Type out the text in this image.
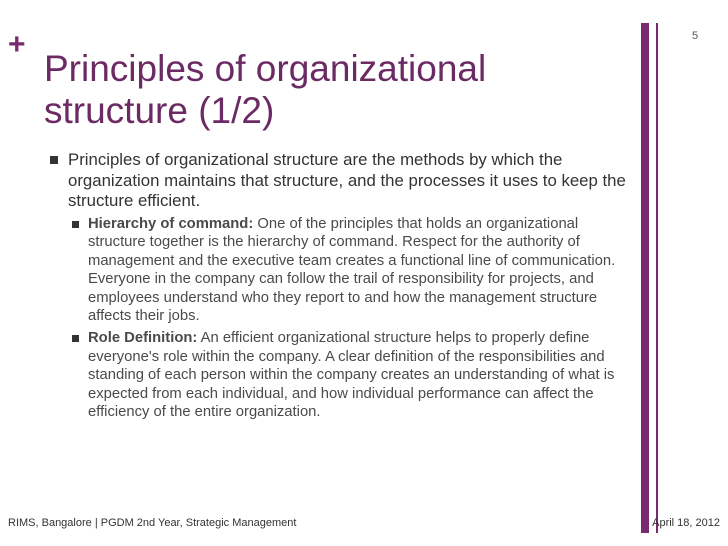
+	5
Principles of organizational structure (1/2)
Principles of organizational structure are the methods by which the organization maintains that structure, and the processes it uses to keep the structure efficient.
Hierarchy of command: One of the principles that holds an organizational structure together is the hierarchy of command. Respect for the authority of management and the executive team creates a functional line of communication. Everyone in the company can follow the trail of responsibility for projects, and employees understand who they report to and how the management structure affects their jobs.
Role Definition: An efficient organizational structure helps to properly define everyone's role within the company. A clear definition of the responsibilities and standing of each person within the company creates an understanding of what is expected from each individual, and how individual performance can affect the efficiency of the entire organization.
RIMS, Bangalore | PGDM 2nd Year, Strategic Management	April 18, 2012
